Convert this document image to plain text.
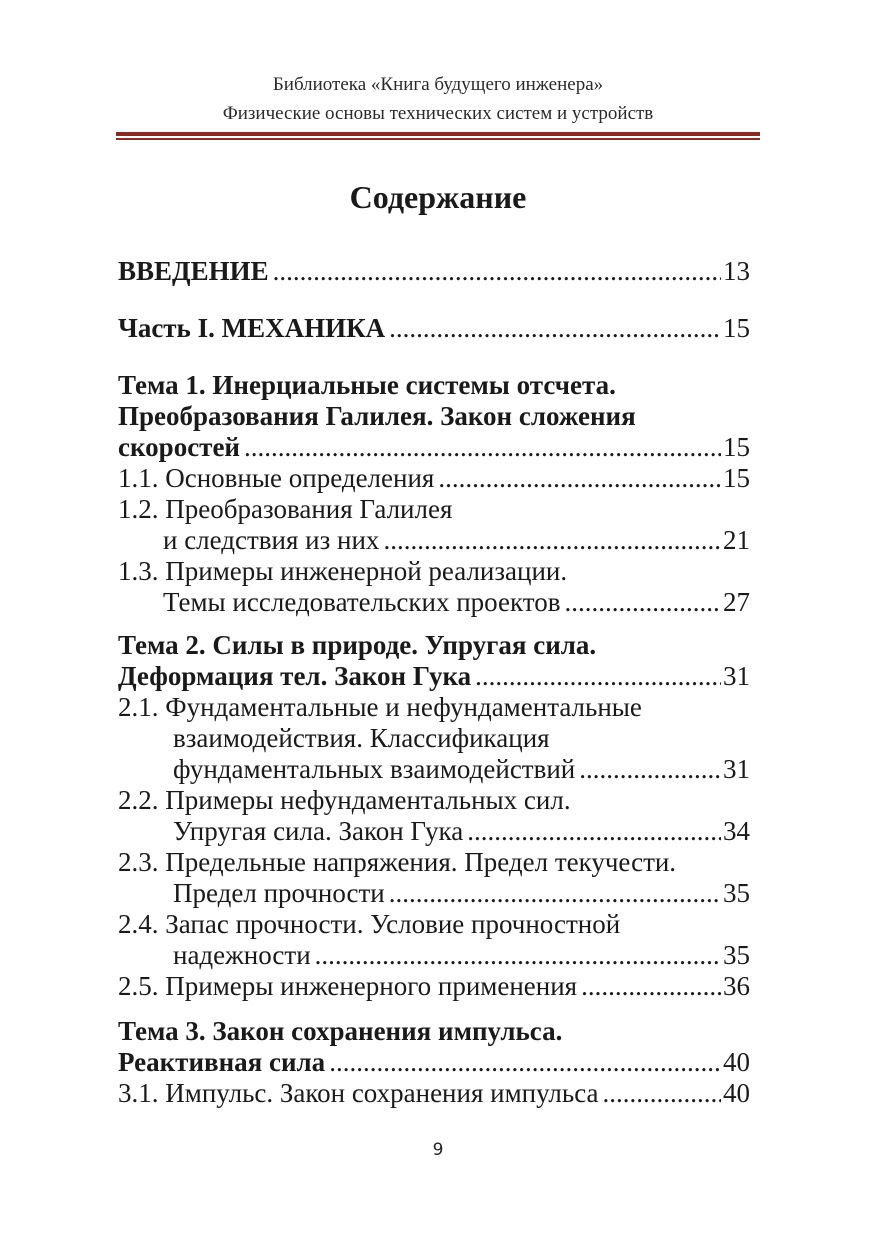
Библиотека «Книга будущего инженера»
Физические основы технических систем и устройств
Содержание
ВВЕДЕНИЕ .....	13
Часть I. МЕХАНИКА .....	15
Тема 1. Инерциальные системы отсчета.
Преобразования Галилея. Закон сложения
скоростей .....	15
1.1. Основные определения .....	15
1.2. Преобразования Галилея
и следствия из них .....	21
1.3. Примеры инженерной реализации.
Темы исследовательских проектов .....	27
Тема 2. Силы в природе. Упругая сила.
Деформация тел. Закон Гука .....	31
2.1. Фундаментальные и нефундаментальные
взаимодействия. Классификация
фундаментальных взаимодействий .....	31
2.2. Примеры нефундаментальных сил.
Упругая сила. Закон Гука .....	34
2.3. Предельные напряжения. Предел текучести.
Предел прочности .....	35
2.4. Запас прочности. Условие прочностной
надежности .....	35
2.5. Примеры инженерного применения .....	36
Тема 3. Закон сохранения импульса.
Реактивная сила .....	40
3.1. Импульс. Закон сохранения импульса .....	40
9
